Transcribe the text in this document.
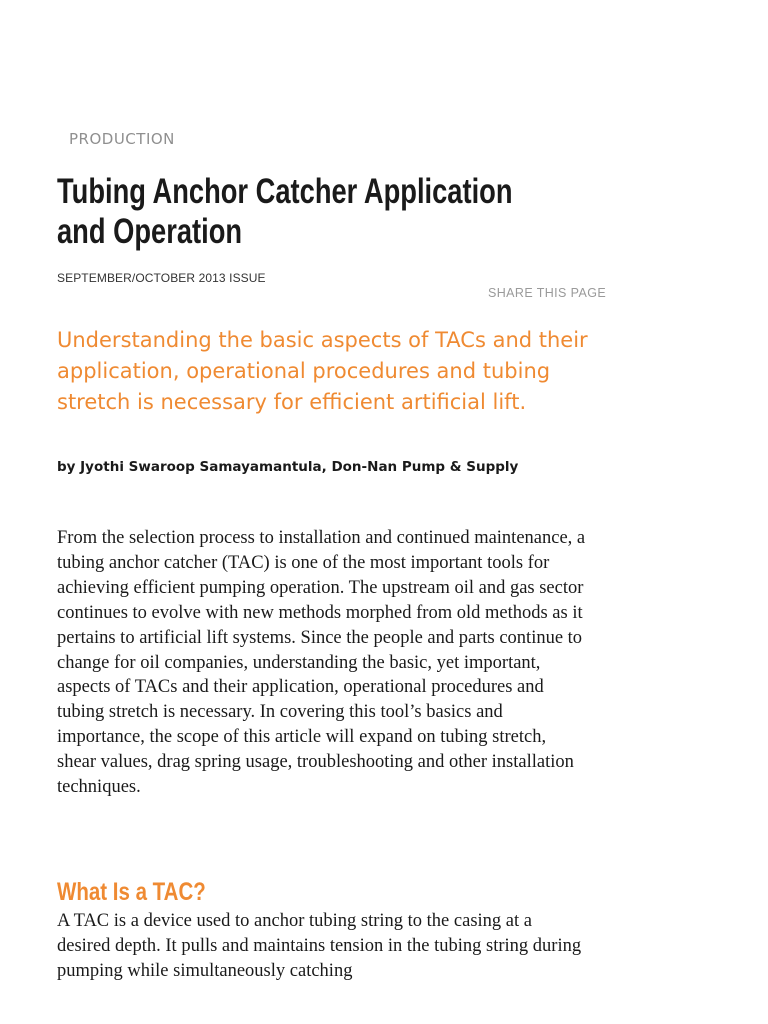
PRODUCTION
Tubing Anchor Catcher Application and Operation
SEPTEMBER/OCTOBER 2013 ISSUE
SHARE THIS PAGE
Understanding the basic aspects of TACs and their application, operational procedures and tubing stretch is necessary for efficient artificial lift.
by Jyothi Swaroop Samayamantula, Don-Nan Pump & Supply

From the selection process to installation and continued maintenance, a tubing anchor catcher (TAC) is one of the most important tools for achieving efficient pumping operation. The upstream oil and gas sector continues to evolve with new methods morphed from old methods as it pertains to artificial lift systems. Since the people and parts continue to change for oil companies, understanding the basic, yet important, aspects of TACs and their application, operational procedures and tubing stretch is necessary. In covering this tool’s basics and importance, the scope of this article will expand on tubing stretch, shear values, drag spring usage, troubleshooting and other installation techniques.

What Is a TAC?

A TAC is a device used to anchor tubing string to the casing at a desired depth. It pulls and maintains tension in the tubing string during pumping while simultaneously catching
